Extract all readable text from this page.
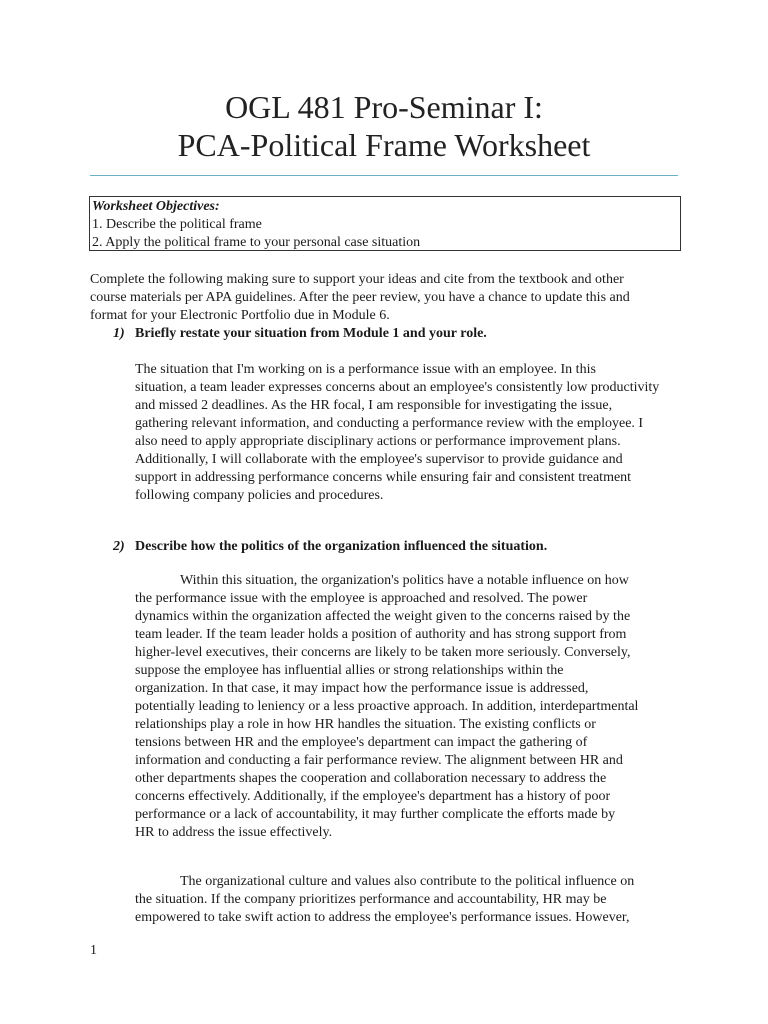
OGL 481 Pro-Seminar I:
PCA-Political Frame Worksheet
Worksheet Objectives:
1. Describe the political frame
2. Apply the political frame to your personal case situation
Complete the following making sure to support your ideas and cite from the textbook and other
course materials per APA guidelines. After the peer review, you have a chance to update this and
format for your Electronic Portfolio due in Module 6.
1) Briefly restate your situation from Module 1 and your role.
The situation that I'm working on is a performance issue with an employee. In this
situation, a team leader expresses concerns about an employee's consistently low productivity
and missed 2 deadlines. As the HR focal, I am responsible for investigating the issue,
gathering relevant information, and conducting a performance review with the employee. I
also need to apply appropriate disciplinary actions or performance improvement plans.
Additionally, I will collaborate with the employee's supervisor to provide guidance and
support in addressing performance concerns while ensuring fair and consistent treatment
following company policies and procedures.
2) Describe how the politics of the organization influenced the situation.
Within this situation, the organization's politics have a notable influence on how
the performance issue with the employee is approached and resolved. The power
dynamics within the organization affected the weight given to the concerns raised by the
team leader. If the team leader holds a position of authority and has strong support from
higher-level executives, their concerns are likely to be taken more seriously. Conversely,
suppose the employee has influential allies or strong relationships within the
organization. In that case, it may impact how the performance issue is addressed,
potentially leading to leniency or a less proactive approach. In addition, interdepartmental
relationships play a role in how HR handles the situation. The existing conflicts or
tensions between HR and the employee's department can impact the gathering of
information and conducting a fair performance review. The alignment between HR and
other departments shapes the cooperation and collaboration necessary to address the
concerns effectively. Additionally, if the employee's department has a history of poor
performance or a lack of accountability, it may further complicate the efforts made by
HR to address the issue effectively.
The organizational culture and values also contribute to the political influence on
the situation. If the company prioritizes performance and accountability, HR may be
empowered to take swift action to address the employee's performance issues. However,
1
